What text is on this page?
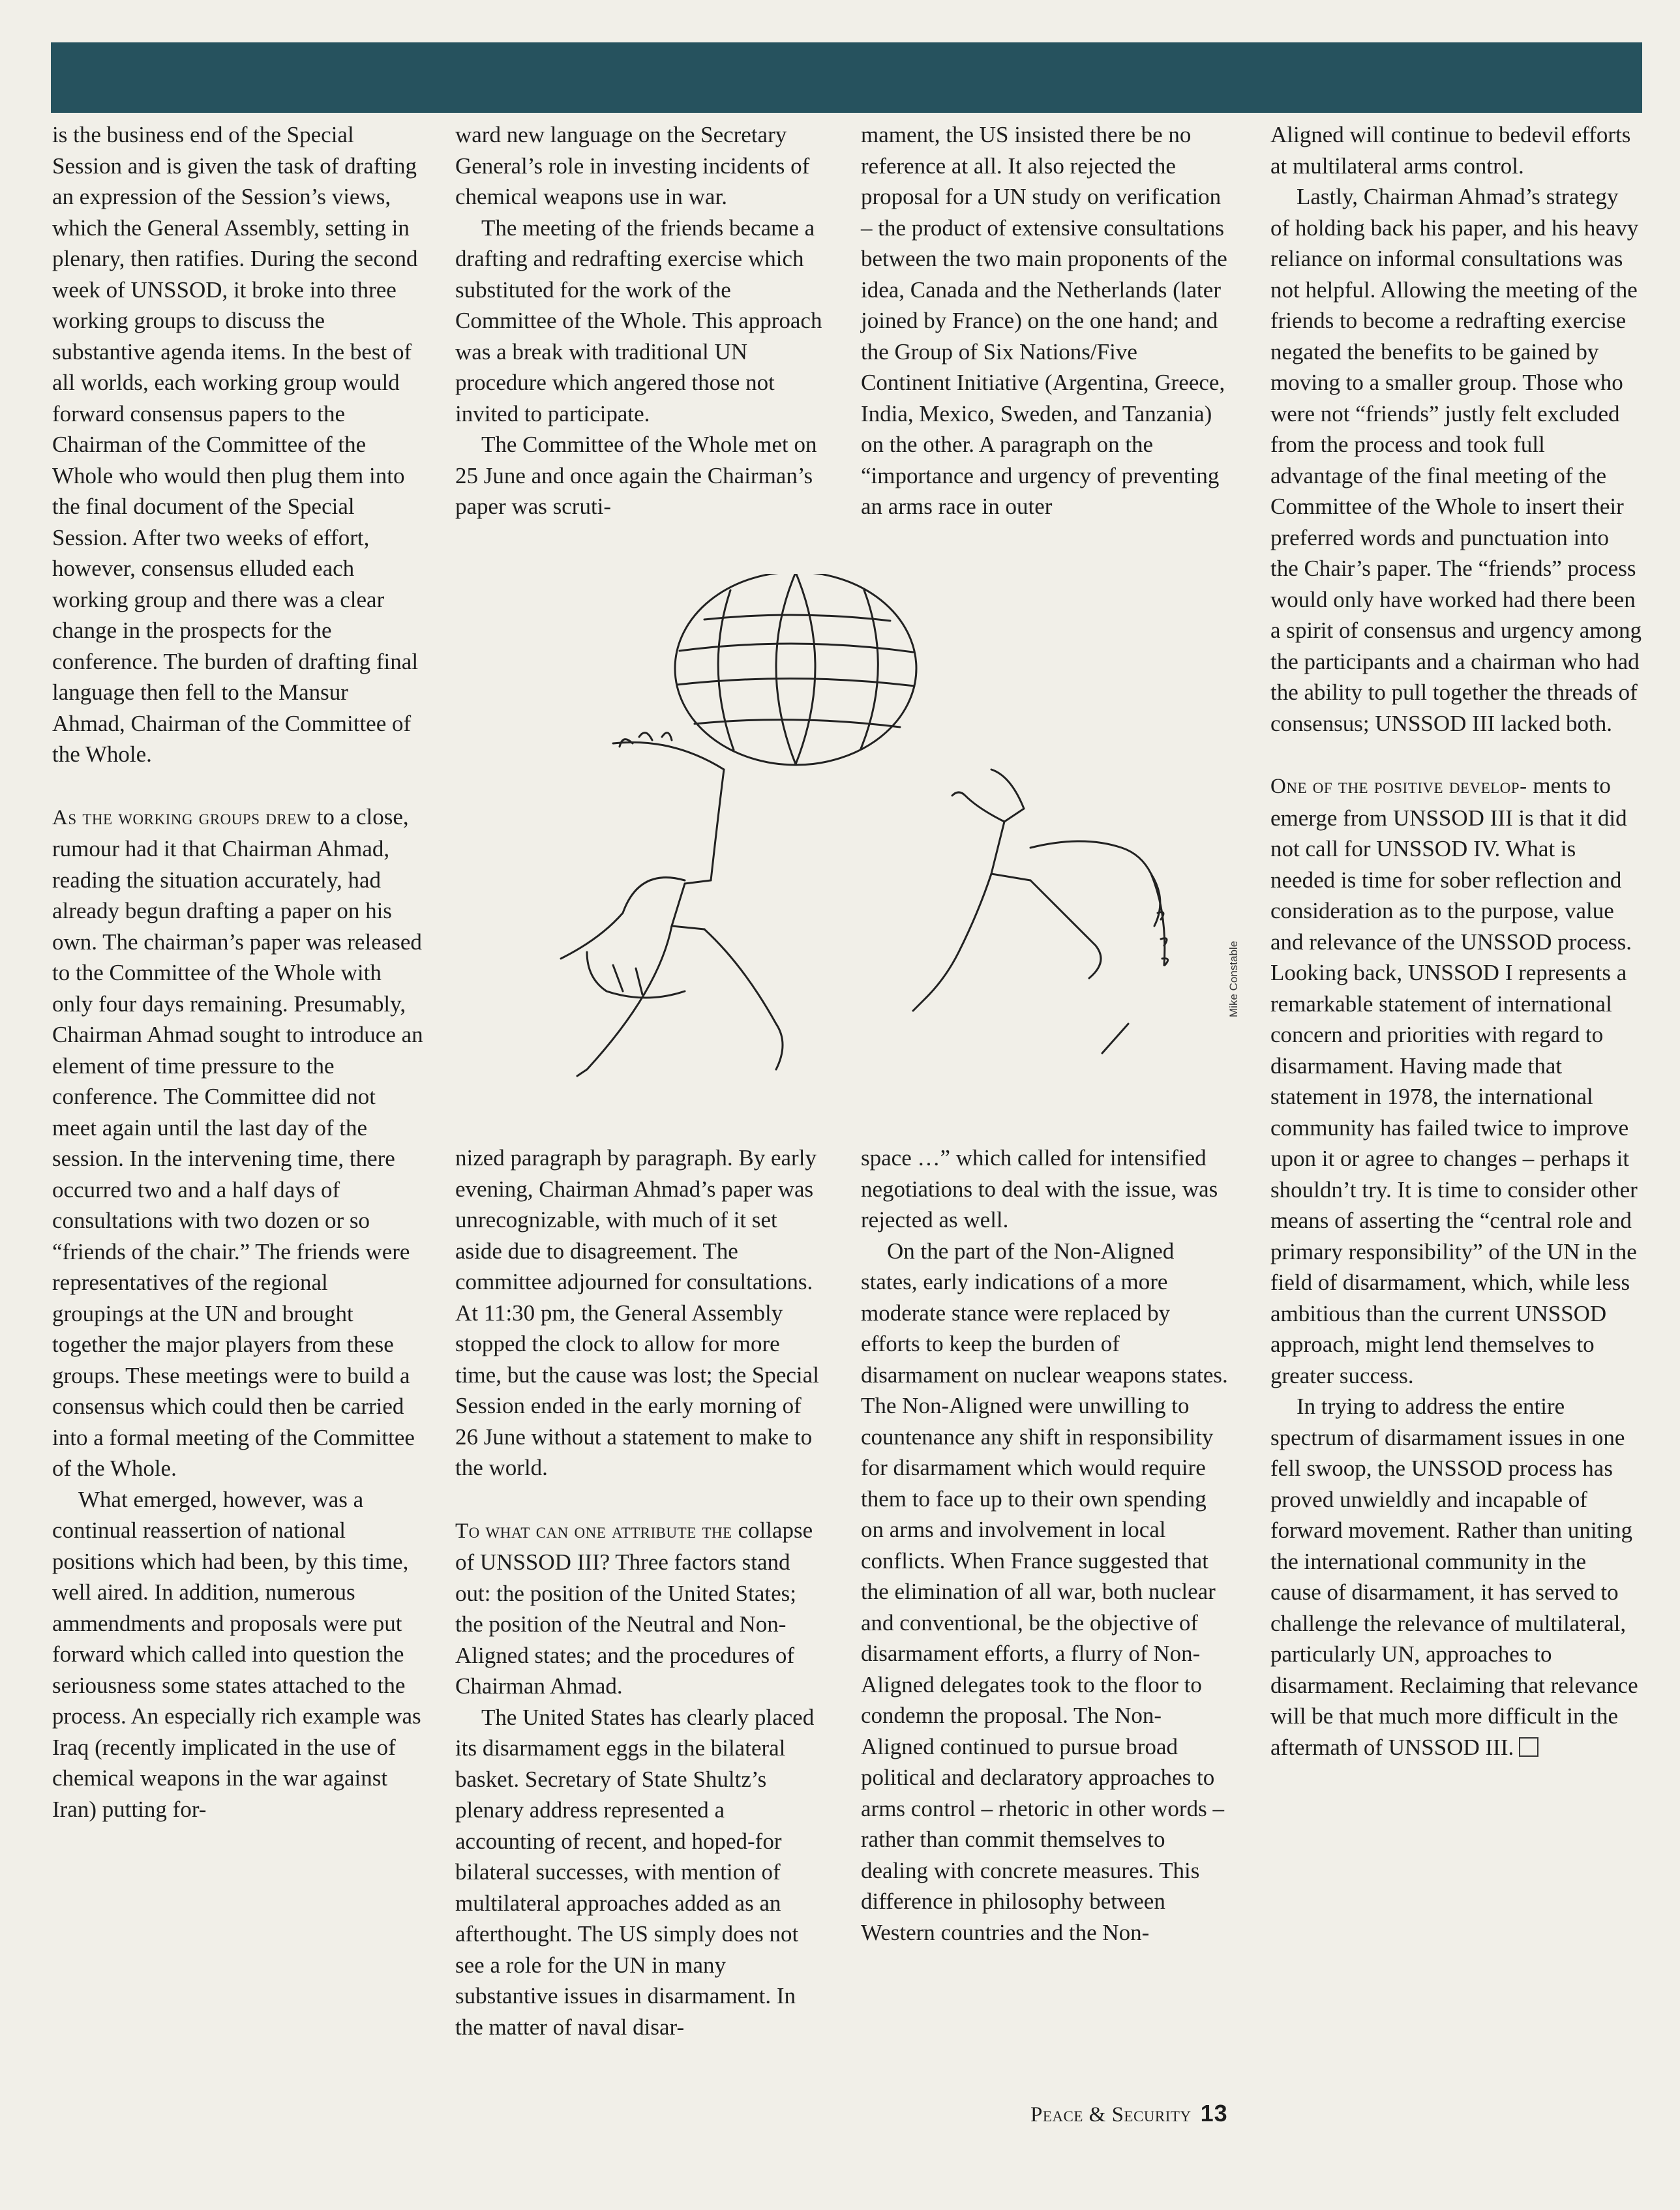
is the business end of the Special Session and is given the task of drafting an expression of the Session’s views, which the General Assembly, setting in plenary, then ratifies. During the second week of UNSSOD, it broke into three working groups to discuss the substantive agenda items. In the best of all worlds, each working group would forward consensus papers to the Chairman of the Committee of the Whole who would then plug them into the final document of the Special Session. After two weeks of effort, however, consensus elluded each working group and there was a clear change in the prospects for the conference. The burden of drafting final language then fell to the Mansur Ahmad, Chairman of the Committee of the Whole.

As the working groups drew to a close, rumour had it that Chairman Ahmad, reading the situation accurately, had already begun drafting a paper on his own. The chairman’s paper was released to the Committee of the Whole with only four days remaining. Presumably, Chairman Ahmad sought to introduce an element of time pressure to the conference. The Committee did not meet again until the last day of the session. In the intervening time, there occurred two and a half days of consultations with two dozen or so “friends of the chair.” The friends were representatives of the regional groupings at the UN and brought together the major players from these groups. These meetings were to build a consensus which could then be carried into a formal meeting of the Committee of the Whole.

What emerged, however, was a continual reassertion of national positions which had been, by this time, well aired. In addition, numerous ammendments and proposals were put forward which called into question the seriousness some states attached to the process. An especially rich example was Iraq (recently implicated in the use of chemical weapons in the war against Iran) putting for-

ward new language on the Secretary General’s role in investing incidents of chemical weapons use in war.

The meeting of the friends became a drafting and redrafting exercise which substituted for the work of the Committee of the Whole. This approach was a break with traditional UN procedure which angered those not invited to participate.

The Committee of the Whole met on 25 June and once again the Chairman’s paper was scruti-

nized paragraph by paragraph. By early evening, Chairman Ahmad’s paper was unrecognizable, with much of it set aside due to disagreement. The committee adjourned for consultations. At 11:30 pm, the General Assembly stopped the clock to allow for more time, but the cause was lost; the Special Session ended in the early morning of 26 June without a statement to make to the world.

To what can one attribute the collapse of UNSSOD III? Three factors stand out: the position of the United States; the position of the Neutral and Non-Aligned states; and the procedures of Chairman Ahmad.

The United States has clearly placed its disarmament eggs in the bilateral basket. Secretary of State Shultz’s plenary address represented a accounting of recent, and hoped-for bilateral successes, with mention of multilateral approaches added as an afterthought. The US simply does not see a role for the UN in many substantive issues in disarmament. In the matter of naval disar-

mament, the US insisted there be no reference at all. It also rejected the proposal for a UN study on verification – the product of extensive consultations between the two main proponents of the idea, Canada and the Netherlands (later joined by France) on the one hand; and the Group of Six Nations/Five Continent Initiative (Argentina, Greece, India, Mexico, Sweden, and Tanzania) on the other. A paragraph on the “importance and urgency of preventing an arms race in outer

space …” which called for intensified negotiations to deal with the issue, was rejected as well.

On the part of the Non-Aligned states, early indications of a more moderate stance were replaced by efforts to keep the burden of disarmament on nuclear weapons states. The Non-Aligned were unwilling to countenance any shift in responsibility for disarmament which would require them to face up to their own spending on arms and involvement in local conflicts. When France suggested that the elimination of all war, both nuclear and conventional, be the objective of disarmament efforts, a flurry of Non-Aligned delegates took to the floor to condemn the proposal. The Non-Aligned continued to pursue broad political and declaratory approaches to arms control – rhetoric in other words – rather than commit themselves to dealing with concrete measures. This difference in philosophy between Western countries and the Non-

Aligned will continue to bedevil efforts at multilateral arms control.

Lastly, Chairman Ahmad’s strategy of holding back his paper, and his heavy reliance on informal consultations was not helpful. Allowing the meeting of the friends to become a redrafting exercise negated the benefits to be gained by moving to a smaller group. Those who were not “friends” justly felt excluded from the process and took full advantage of the final meeting of the Committee of the Whole to insert their preferred words and punctuation into the Chair’s paper. The “friends” process would only have worked had there been a spirit of consensus and urgency among the participants and a chairman who had the ability to pull together the threads of consensus; UNSSOD III lacked both.

One of the positive develop- ments to emerge from UNSSOD III is that it did not call for UNSSOD IV. What is needed is time for sober reflection and consideration as to the purpose, value and relevance of the UNSSOD process. Looking back, UNSSOD I represents a remarkable statement of international concern and priorities with regard to disarmament. Having made that statement in 1978, the international community has failed twice to improve upon it or agree to changes – perhaps it shouldn’t try. It is time to consider other means of asserting the “central role and primary responsibility” of the UN in the field of disarmament, which, while less ambitious than the current UNSSOD approach, might lend themselves to greater success.

In trying to address the entire spectrum of disarmament issues in one fell swoop, the UNSSOD process has proved unwieldly and incapable of forward movement. Rather than uniting the international community in the cause of disarmament, it has served to challenge the relevance of multilateral, particularly UN, approaches to disarmament. Reclaiming that relevance will be that much more difficult in the aftermath of UNSSOD III.

Mike Constable
Peace & Security 13
